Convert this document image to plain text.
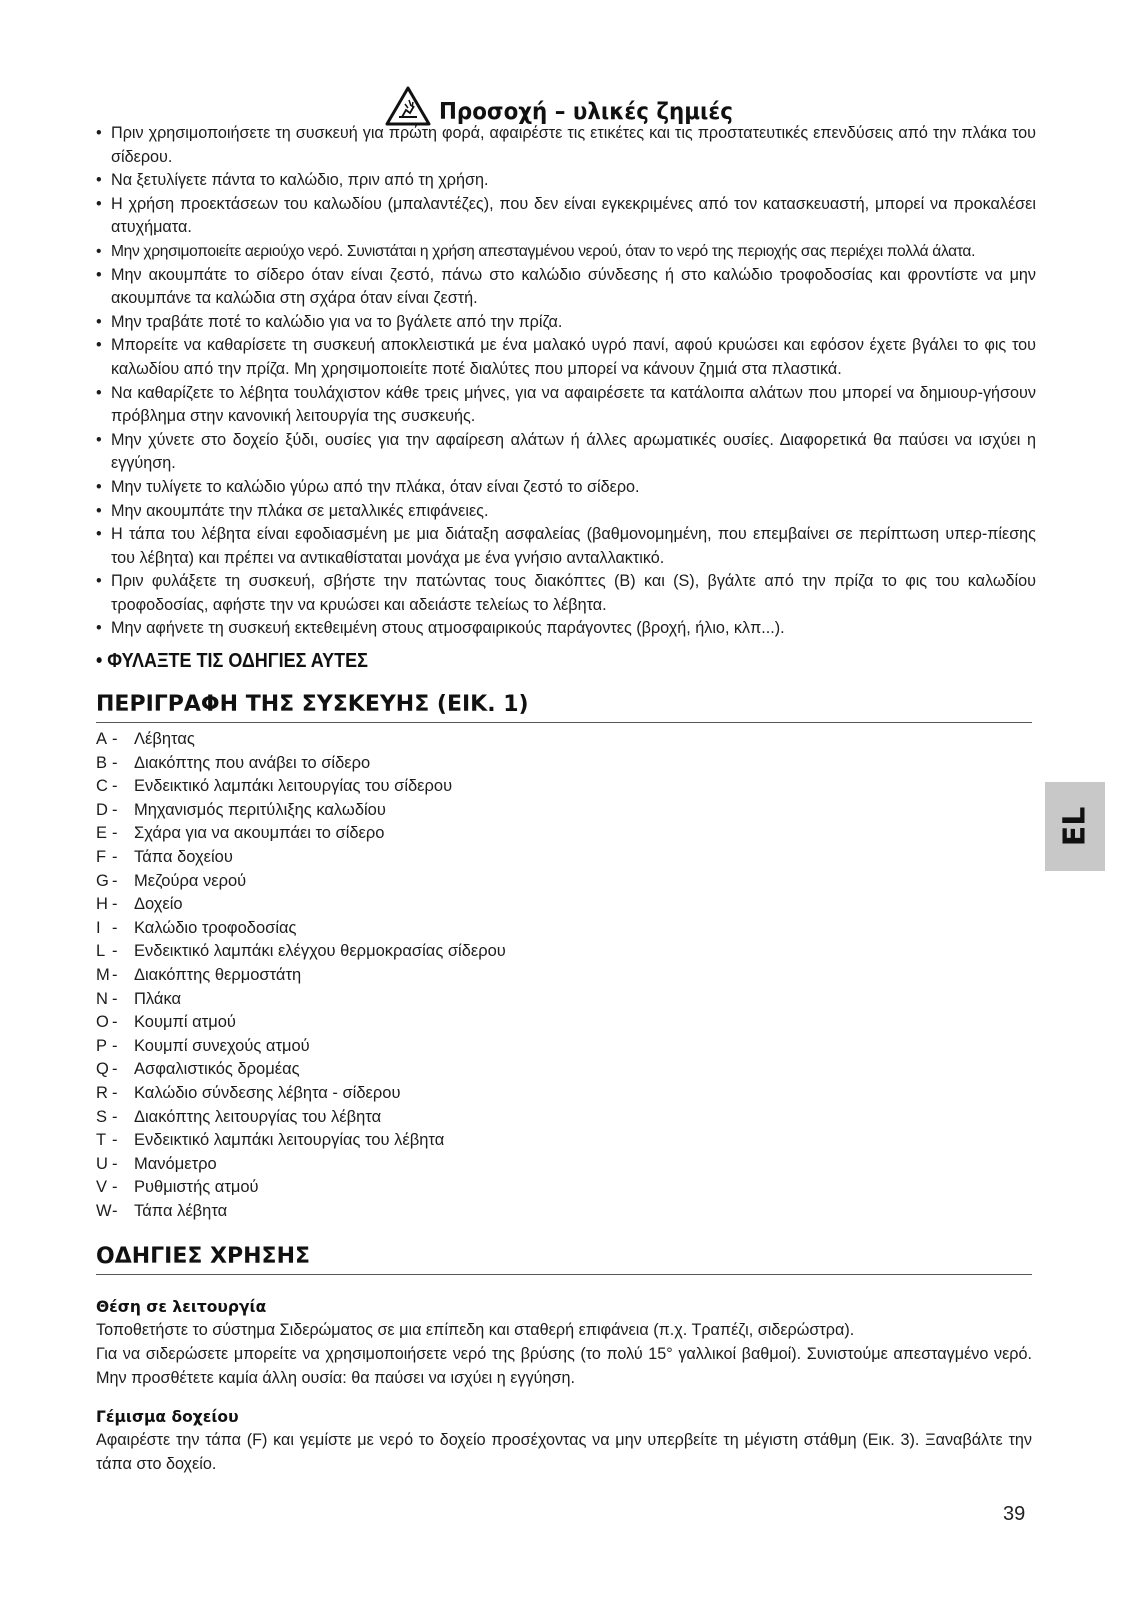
Προσοχή – υλικές ζημιές
• Πριν χρησιμοποιήσετε τη συσκευή για πρώτη φορά, αφαιρέστε τις ετικέτες και τις προστατευτικές επενδύσεις από την πλάκα του σίδερου.
• Να ξετυλίγετε πάντα το καλώδιο, πριν από τη χρήση.
• Η χρήση προεκτάσεων του καλωδίου (μπαλαντέζες), που δεν είναι εγκεκριμένες από τον κατασκευαστή, μπορεί να προκαλέσει ατυχήματα.
• Μην χρησιμοποιείτε αεριούχο νερό. Συνιστάται η χρήση απεσταγμένου νερού, όταν το νερό της περιοχής σας περιέχει πολλά άλατα.
• Μην ακουμπάτε το σίδερο όταν είναι ζεστό, πάνω στο καλώδιο σύνδεσης ή στο καλώδιο τροφοδοσίας και φροντίστε να μην ακουμπάνε τα καλώδια στη σχάρα όταν είναι ζεστή.
• Μην τραβάτε ποτέ το καλώδιο για να το βγάλετε από την πρίζα.
• Μπορείτε να καθαρίσετε τη συσκευή αποκλειστικά με ένα μαλακό υγρό πανί, αφού κρυώσει και εφόσον έχετε βγάλει το φις του καλωδίου από την πρίζα. Μη χρησιμοποιείτε ποτέ διαλύτες που μπορεί να κάνουν ζημιά στα πλαστικά.
• Να καθαρίζετε το λέβητα τουλάχιστον κάθε τρεις μήνες, για να αφαιρέσετε τα κατάλοιπα αλάτων που μπορεί να δημιουρ-γήσουν πρόβλημα στην κανονική λειτουργία της συσκευής.
• Μην χύνετε στο δοχείο ξύδι, ουσίες για την αφαίρεση αλάτων ή άλλες αρωματικές ουσίες. Διαφορετικά θα παύσει να ισχύει η εγγύηση.
• Μην τυλίγετε το καλώδιο γύρω από την πλάκα, όταν είναι ζεστό το σίδερο.
• Μην ακουμπάτε την πλάκα σε μεταλλικές επιφάνειες.
• Η τάπα του λέβητα είναι εφοδιασμένη με μια διάταξη ασφαλείας (βαθμονομημένη, που επεμβαίνει σε περίπτωση υπερ-πίεσης του λέβητα) και πρέπει να αντικαθίσταται μονάχα με ένα γνήσιο ανταλλακτικό.
• Πριν φυλάξετε τη συσκευή, σβήστε την πατώντας τους διακόπτες (B) και (S), βγάλτε από την πρίζα το φις του καλωδίου τροφοδοσίας, αφήστε την να κρυώσει και αδειάστε τελείως το λέβητα.
• Μην αφήνετε τη συσκευή εκτεθειμένη στους ατμοσφαιρικούς παράγοντες (βροχή, ήλιο, κλπ...).
• ΦΥΛΑΞΤΕ ΤΙΣ ΟΔΗΓΙΕΣ ΑΥΤΕΣ
ΠΕΡΙΓΡΑΦΗ ΤΗΣ ΣΥΣΚΕΥΗΣ (ΕΙΚ. 1)
A -	Λέβητας
B -	Διακόπτης που ανάβει το σίδερο
C -	Ενδεικτικό λαμπάκι λειτουργίας του σίδερου
D -	Μηχανισμός περιτύλιξης καλωδίου
E -	Σχάρα για να ακουμπάει το σίδερο
F -	Τάπα δοχείου
G -	Μεζούρα νερού
H -	Δοχείο
I -	Καλώδιο τροφοδοσίας
L -	Ενδεικτικό λαμπάκι ελέγχου θερμοκρασίας σίδερου
M -	Διακόπτης θερμοστάτη
N -	Πλάκα
O -	Κουμπί ατμού
P -	Κουμπί συνεχούς ατμού
Q -	Ασφαλιστικός δρομέας
R -	Καλώδιο σύνδεσης λέβητα - σίδερου
S -	Διακόπτης λειτουργίας του λέβητα
T -	Ενδεικτικό λαμπάκι λειτουργίας του λέβητα
U -	Μανόμετρο
V -	Ρυθμιστής ατμού
W -	Τάπα λέβητα
ΟΔΗΓΙΕΣ ΧΡΗΣΗΣ
Θέση σε λειτουργία

Τοποθετήστε το σύστημα Σιδερώματος σε μια επίπεδη και σταθερή επιφάνεια (π.χ. Τραπέζι, σιδερώστρα).

Για να σιδερώσετε μπορείτε να χρησιμοποιήσετε νερό της βρύσης (το πολύ 15° γαλλικοί βαθμοί). Συνιστούμε απεσταγμένο νερό. Μην προσθέτετε καμία άλλη ουσία: θα παύσει να ισχύει η εγγύηση.

Γέμισμα δοχείου

Αφαιρέστε την τάπα (F) και γεμίστε με νερό το δοχείο προσέχοντας να μην υπερβείτε τη μέγιστη στάθμη (Εικ. 3). Ξαναβάλτε την τάπα στο δοχείο.

EL
39
